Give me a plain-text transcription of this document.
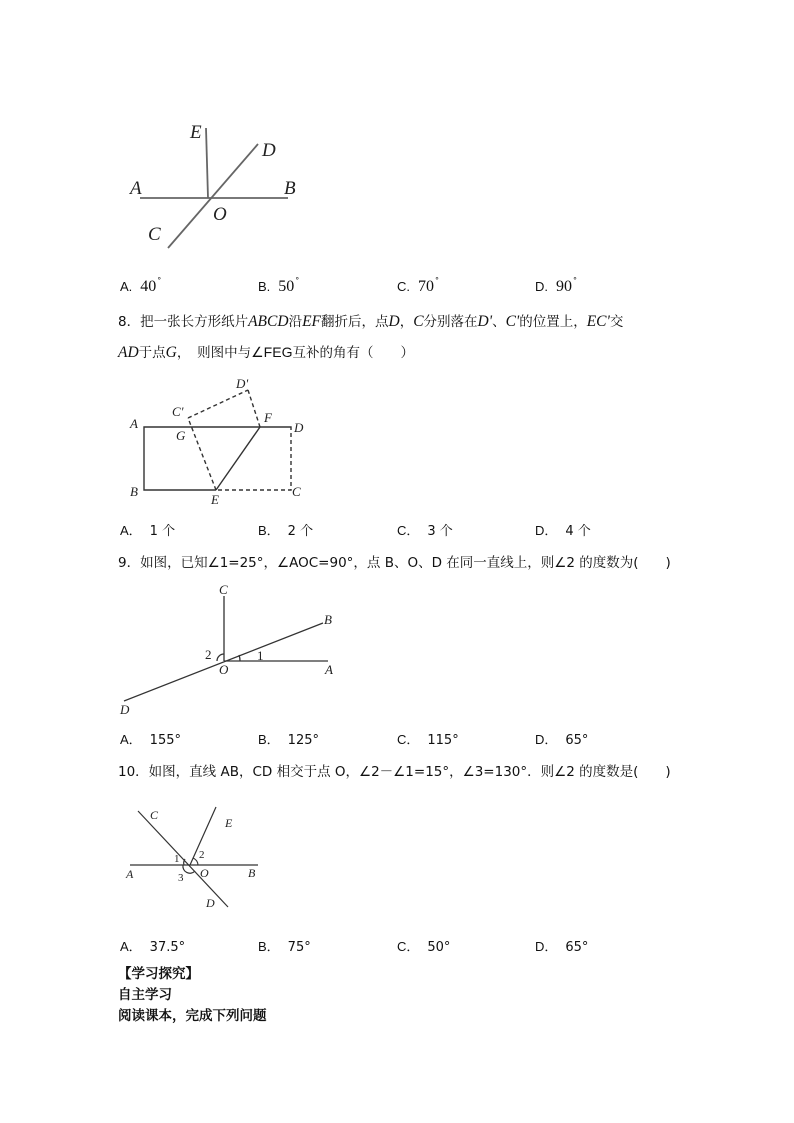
E
D
A	B
O
C
A. 40°	B. 50°	C. 70°	D. 90°
8．把一张长方形纸片ABCD沿EF翻折后，点D，C分别落在D'、C'的位置上，EC'交
AD于点G，　则图中与∠FEG互补的角有（　　）
A
C'
G
D'
F
D
B
E
C
A． 1 个	B． 2 个	C． 3 个	D． 4 个
9．如图，已知∠1=25°，∠AOC=90°，点 B、O、D 在同一直线上，则∠2 的度数为(　　)
C
B
2	1
O	A
D
A． 155°	B． 125°	C． 115°	D． 65°
10．如图，直线 AB，CD 相交于点 O，∠2－∠1=15°，∠3=130°．则∠2 的度数是(　　)
C
E
1 2
A	3 O	B
D
A． 37.5°	B． 75°	C． 50°	D． 65°
【学习探究】
自主学习
阅读课本，完成下列问题
